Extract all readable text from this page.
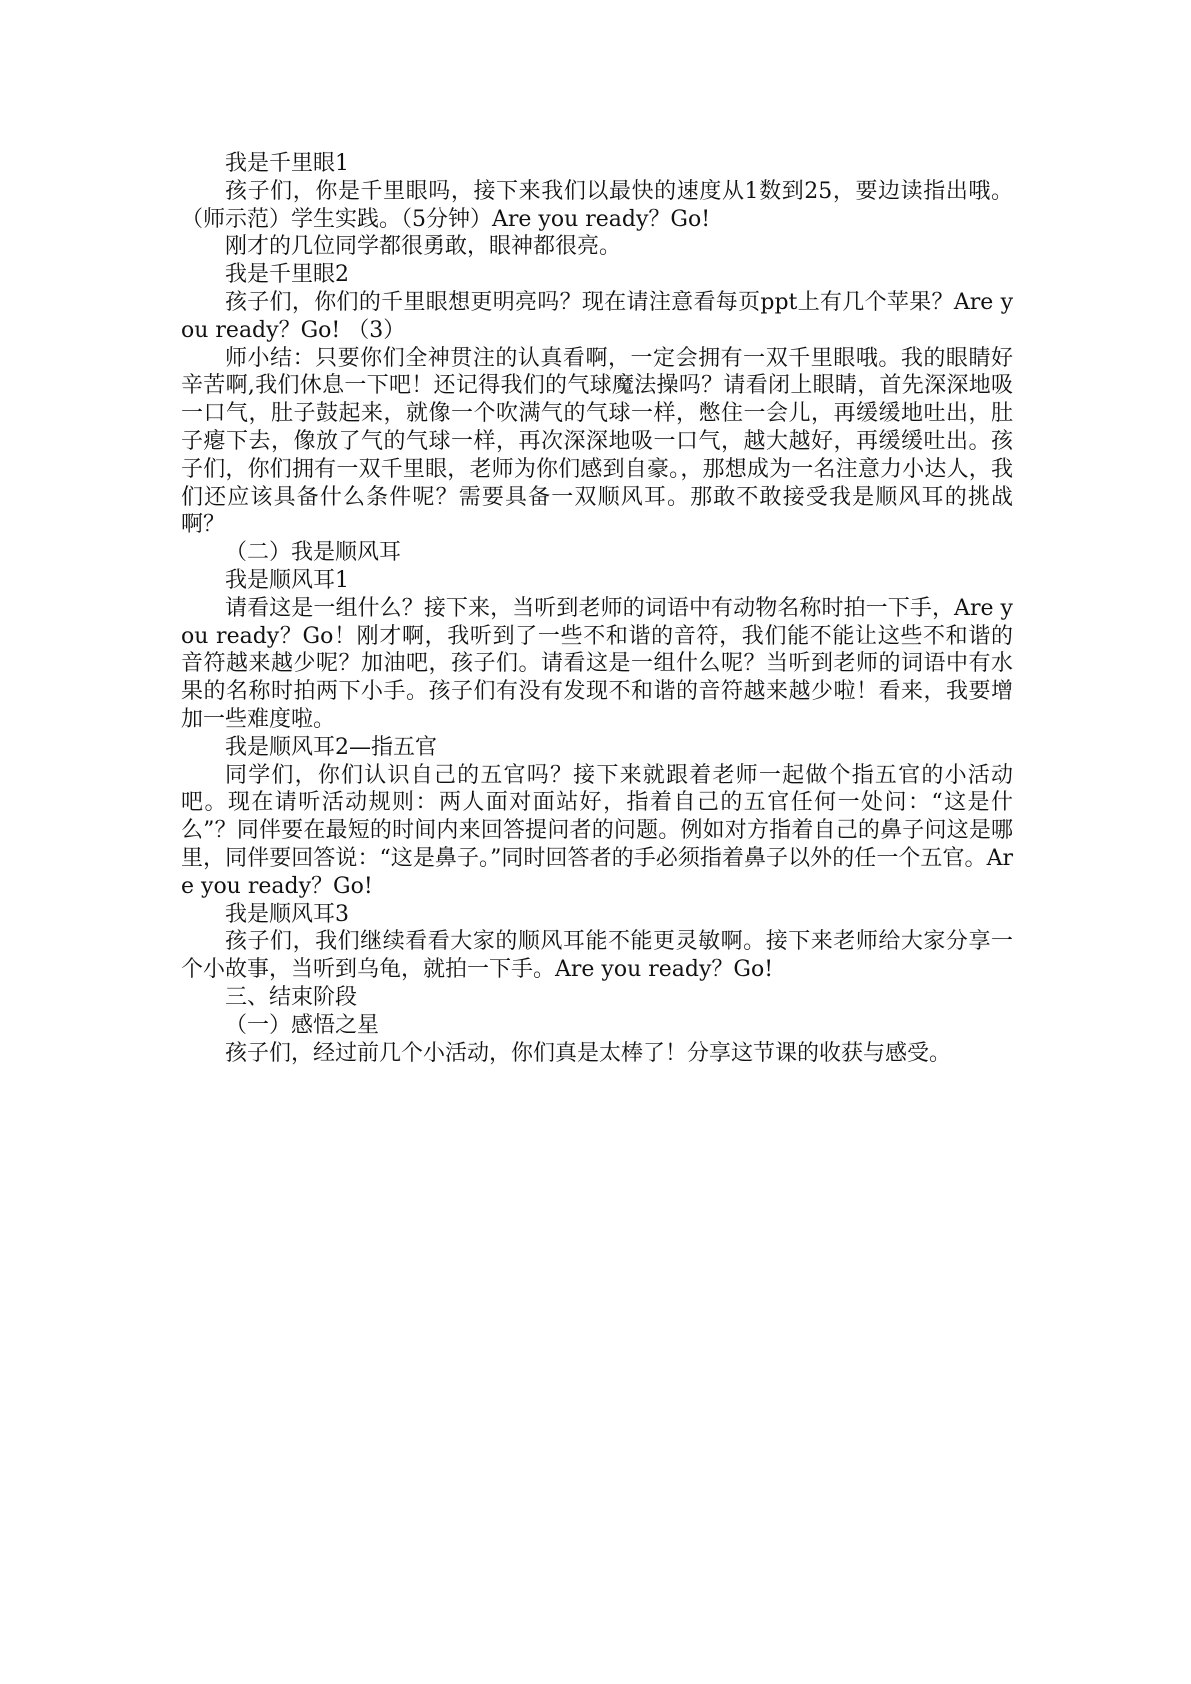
我是千里眼1

孩子们，你是千里眼吗，接下来我们以最快的速度从1数到25，要边读指出哦。（师示范）学生实践。（5分钟）Are you ready？Go!

刚才的几位同学都很勇敢，眼神都很亮。

我是千里眼2

孩子们，你们的千里眼想更明亮吗？现在请注意看每页ppt上有几个苹果？Are you ready？Go! （3）

师小结：只要你们全神贯注的认真看啊，一定会拥有一双千里眼哦。我的眼睛好辛苦啊,我们休息一下吧！还记得我们的气球魔法操吗？请看闭上眼睛，首先深深地吸一口气，肚子鼓起来，就像一个吹满气的气球一样，憋住一会儿，再缓缓地吐出，肚子瘪下去，像放了气的气球一样，再次深深地吸一口气，越大越好，再缓缓吐出。孩子们，你们拥有一双千里眼，老师为你们感到自豪。，那想成为一名注意力小达人，我们还应该具备什么条件呢？需要具备一双顺风耳。那敢不敢接受我是顺风耳的挑战啊？

（二）我是顺风耳

我是顺风耳1

请看这是一组什么？接下来，当听到老师的词语中有动物名称时拍一下手，Are you ready？Go！刚才啊，我听到了一些不和谐的音符，我们能不能让这些不和谐的音符越来越少呢？加油吧，孩子们。请看这是一组什么呢？当听到老师的词语中有水果的名称时拍两下小手。孩子们有没有发现不和谐的音符越来越少啦！看来，我要增加一些难度啦。

我是顺风耳2—指五官

同学们，你们认识自己的五官吗？接下来就跟着老师一起做个指五官的小活动吧。现在请听活动规则：两人面对面站好，指着自己的五官任何一处问：“这是什么”？同伴要在最短的时间内来回答提问者的问题。例如对方指着自己的鼻子问这是哪里，同伴要回答说：“这是鼻子。”同时回答者的手必须指着鼻子以外的任一个五官。Are you ready？Go!

我是顺风耳3

孩子们，我们继续看看大家的顺风耳能不能更灵敏啊。接下来老师给大家分享一个小故事，当听到乌龟，就拍一下手。Are you ready？Go!

三、结束阶段

（一）感悟之星

孩子们，经过前几个小活动，你们真是太棒了！分享这节课的收获与感受。
